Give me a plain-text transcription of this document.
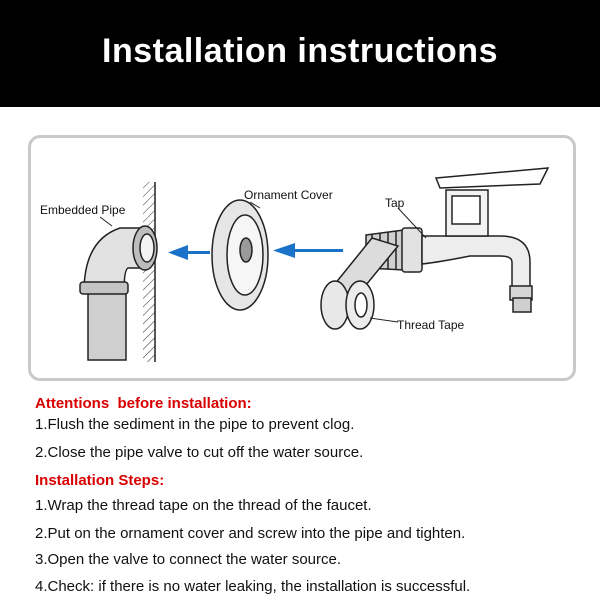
Installation instructions
Embedded Pipe
Ornament Cover
Tap
Thread Tape
Attentions  before installation:
1.Flush the sediment in the pipe to prevent clog.
2.Close the pipe valve to cut off the water source.
Installation Steps:
1.Wrap the thread tape on the thread of the faucet.
2.Put on the ornament cover and screw into the pipe and tighten.
3.Open the valve to connect the water source.
4.Check: if there is no water leaking, the installation is successful.
